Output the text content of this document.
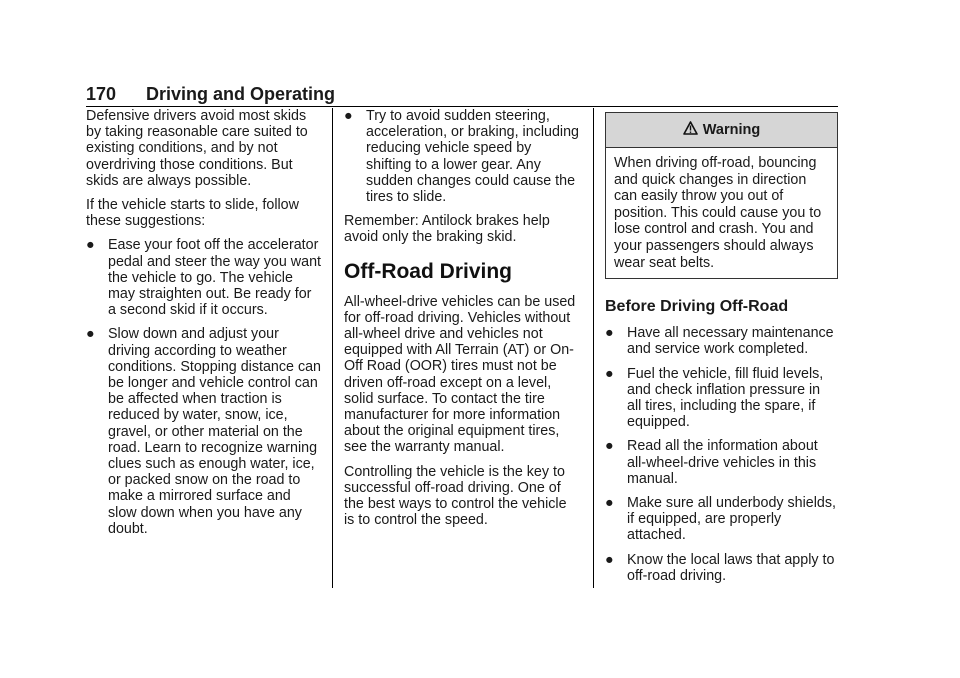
170 Driving and Operating

Defensive drivers avoid most skids by taking reasonable care suited to existing conditions, and by not overdriving those conditions. But skids are always possible.

If the vehicle starts to slide, follow these suggestions:

● Ease your foot off the accelerator pedal and steer the way you want the vehicle to go. The vehicle may straighten out. Be ready for a second skid if it occurs.
● Slow down and adjust your driving according to weather conditions. Stopping distance can be longer and vehicle control can be affected when traction is reduced by water, snow, ice, gravel, or other material on the road. Learn to recognize warning clues such as enough water, ice, or packed snow on the road to make a mirrored surface and slow down when you have any doubt.
● Try to avoid sudden steering, acceleration, or braking, including reducing vehicle speed by shifting to a lower gear. Any sudden changes could cause the tires to slide.

Remember: Antilock brakes help avoid only the braking skid.

Off-Road Driving

All-wheel-drive vehicles can be used for off-road driving. Vehicles without all-wheel drive and vehicles not equipped with All Terrain (AT) or On-Off Road (OOR) tires must not be driven off-road except on a level, solid surface. To contact the tire manufacturer for more information about the original equipment tires, see the warranty manual.

Controlling the vehicle is the key to successful off-road driving. One of the best ways to control the vehicle is to control the speed.

Warning

When driving off-road, bouncing and quick changes in direction can easily throw you out of position. This could cause you to lose control and crash. You and your passengers should always wear seat belts.

Before Driving Off-Road
● Have all necessary maintenance and service work completed.
● Fuel the vehicle, fill fluid levels, and check inflation pressure in all tires, including the spare, if equipped.
● Read all the information about all-wheel-drive vehicles in this manual.
● Make sure all underbody shields, if equipped, are properly attached.
● Know the local laws that apply to off-road driving.
